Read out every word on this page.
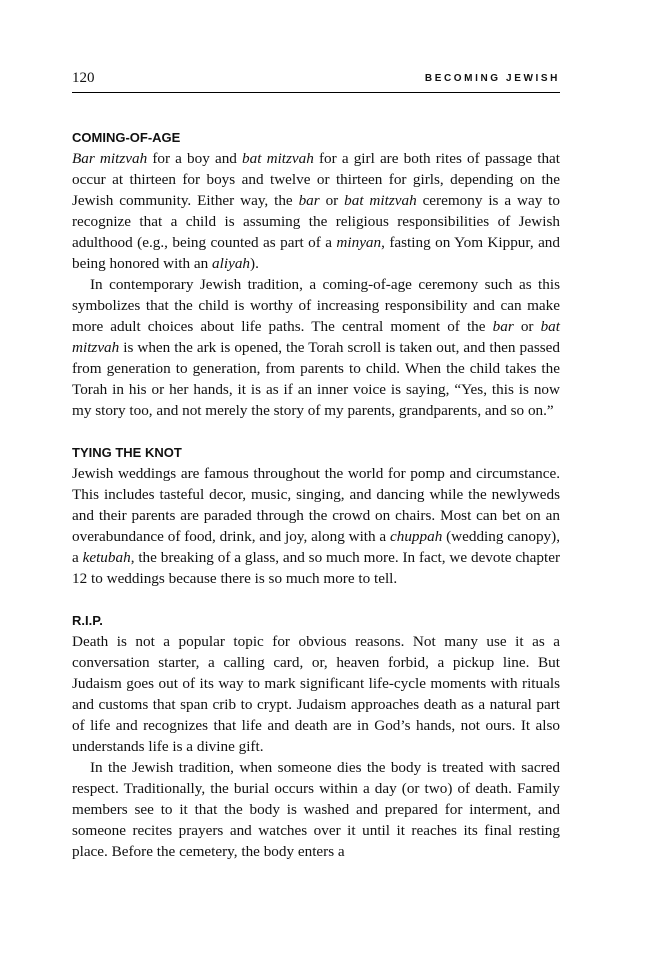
120	BECOMING JEWISH
COMING-OF-AGE

Bar mitzvah for a boy and bat mitzvah for a girl are both rites of passage that occur at thirteen for boys and twelve or thirteen for girls, depending on the Jewish community. Either way, the bar or bat mitzvah ceremony is a way to recognize that a child is assuming the religious responsibilities of Jewish adulthood (e.g., being counted as part of a minyan, fasting on Yom Kippur, and being honored with an aliyah).

In contemporary Jewish tradition, a coming-of-age ceremony such as this symbolizes that the child is worthy of increasing responsibility and can make more adult choices about life paths. The central moment of the bar or bat mitzvah is when the ark is opened, the Torah scroll is taken out, and then passed from generation to generation, from parents to child. When the child takes the Torah in his or her hands, it is as if an inner voice is saying, “Yes, this is now my story too, and not merely the story of my parents, grandparents, and so on.”

TYING THE KNOT

Jewish weddings are famous throughout the world for pomp and circumstance. This includes tasteful decor, music, singing, and dancing while the newlyweds and their parents are paraded through the crowd on chairs. Most can bet on an overabundance of food, drink, and joy, along with a chuppah (wedding canopy), a ketubah, the breaking of a glass, and so much more. In fact, we devote chapter 12 to weddings because there is so much more to tell.

R.I.P.

Death is not a popular topic for obvious reasons. Not many use it as a conversation starter, a calling card, or, heaven forbid, a pickup line. But Judaism goes out of its way to mark significant life-cycle moments with rituals and customs that span crib to crypt. Judaism approaches death as a natural part of life and recognizes that life and death are in God’s hands, not ours. It also understands life is a divine gift.

In the Jewish tradition, when someone dies the body is treated with sacred respect. Traditionally, the burial occurs within a day (or two) of death. Family members see to it that the body is washed and prepared for interment, and someone recites prayers and watches over it until it reaches its final resting place. Before the cemetery, the body enters a
